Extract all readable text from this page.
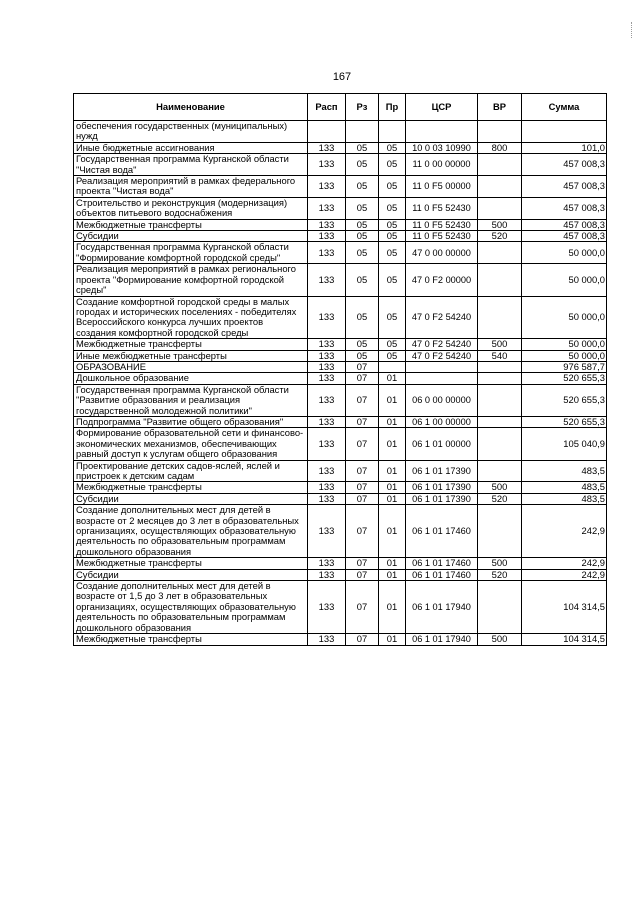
167
Наименование	Расп	Рз	Пр	ЦСР	ВР	Сумма
обеспечения государственных (муниципальных) нужд						
Иные бюджетные ассигнования	133	05	05	10 0 03 10990	800	101,0
Государственная программа Курганской области "Чистая вода"	133	05	05	11 0 00 00000		457 008,3
Реализация мероприятий в рамках федерального проекта "Чистая вода"	133	05	05	11 0 F5 00000		457 008,3
Строительство и реконструкция (модернизация) объектов питьевого водоснабжения	133	05	05	11 0 F5 52430		457 008,3
Межбюджетные трансферты	133	05	05	11 0 F5 52430	500	457 008,3
Субсидии	133	05	05	11 0 F5 52430	520	457 008,3
Государственная программа Курганской области "Формирование комфортной городской среды"	133	05	05	47 0 00 00000		50 000,0
Реализация мероприятий в рамках регионального проекта "Формирование комфортной городской среды"	133	05	05	47 0 F2 00000		50 000,0
Создание комфортной городской среды в малых городах и исторических поселениях - победителях Всероссийского конкурса лучших проектов создания комфортной городской среды	133	05	05	47 0 F2 54240		50 000,0
Межбюджетные трансферты	133	05	05	47 0 F2 54240	500	50 000,0
Иные межбюджетные трансферты	133	05	05	47 0 F2 54240	540	50 000,0
ОБРАЗОВАНИЕ	133	07				976 587,7
Дошкольное образование	133	07	01			520 655,3
Государственная программа Курганской области "Развитие образования и реализация государственной молодежной политики"	133	07	01	06 0 00 00000		520 655,3
Подпрограмма "Развитие общего образования"	133	07	01	06 1 00 00000		520 655,3
Формирование образовательной сети и финансово-экономических механизмов, обеспечивающих равный доступ к услугам общего образования	133	07	01	06 1 01 00000		105 040,9
Проектирование детских садов-яслей, яслей и пристроек к детским садам	133	07	01	06 1 01 17390		483,5
Межбюджетные трансферты	133	07	01	06 1 01 17390	500	483,5
Субсидии	133	07	01	06 1 01 17390	520	483,5
Создание дополнительных мест для детей в возрасте от 2 месяцев до 3 лет в образовательных организациях, осуществляющих образовательную деятельность по образовательным программам дошкольного образования	133	07	01	06 1 01 17460		242,9
Межбюджетные трансферты	133	07	01	06 1 01 17460	500	242,9
Субсидии	133	07	01	06 1 01 17460	520	242,9
Создание дополнительных мест для детей в возрасте от 1,5 до 3 лет в образовательных организациях, осуществляющих образовательную деятельность по образовательным программам дошкольного образования	133	07	01	06 1 01 17940		104 314,5
Межбюджетные трансферты	133	07	01	06 1 01 17940	500	104 314,5
